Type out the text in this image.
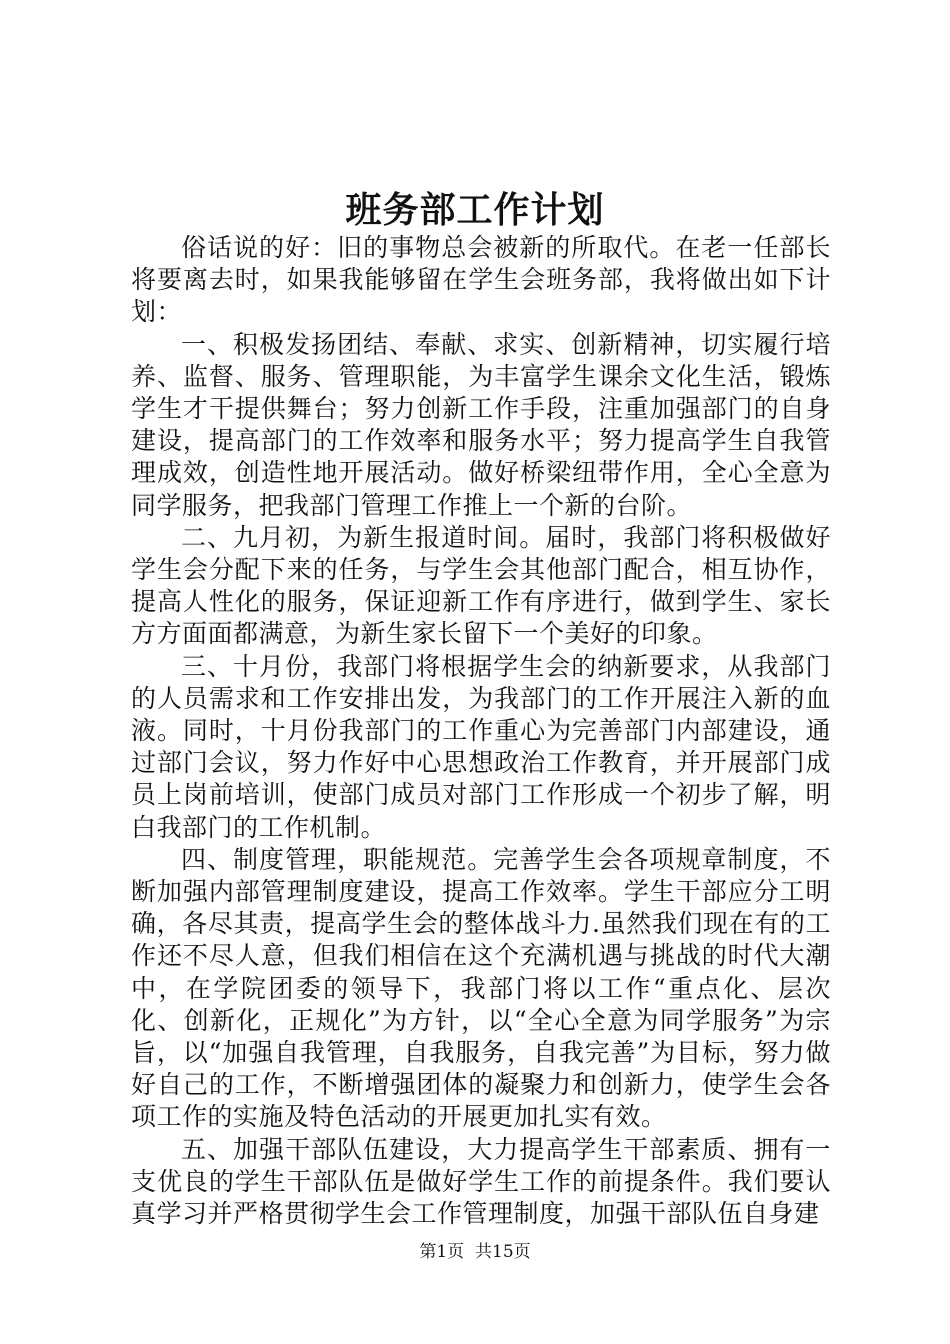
班务部工作计划

俗话说的好：旧的事物总会被新的所取代。在老一任部长将要离去时，如果我能够留在学生会班务部，我将做出如下计划：

一、积极发扬团结、奉献、求实、创新精神，切实履行培养、监督、服务、管理职能，为丰富学生课余文化生活，锻炼学生才干提供舞台；努力创新工作手段，注重加强部门的自身建设，提高部门的工作效率和服务水平；努力提高学生自我管理成效，创造性地开展活动。做好桥梁纽带作用，全心全意为同学服务，把我部门管理工作推上一个新的台阶。

二、九月初，为新生报道时间。届时，我部门将积极做好学生会分配下来的任务，与学生会其他部门配合，相互协作，提高人性化的服务，保证迎新工作有序进行，做到学生、家长方方面面都满意，为新生家长留下一个美好的印象。

三、十月份，我部门将根据学生会的纳新要求，从我部门的人员需求和工作安排出发，为我部门的工作开展注入新的血液。同时，十月份我部门的工作重心为完善部门内部建设，通过部门会议，努力作好中心思想政治工作教育，并开展部门成员上岗前培训，使部门成员对部门工作形成一个初步了解，明白我部门的工作机制。

四、制度管理，职能规范。完善学生会各项规章制度，不断加强内部管理制度建设，提高工作效率。学生干部应分工明确，各尽其责，提高学生会的整体战斗力.虽然我们现在有的工作还不尽人意，但我们相信在这个充满机遇与挑战的时代大潮中，在学院团委的领导下，我部门将以工作“重点化、层次化、创新化，正规化”为方针，以“全心全意为同学服务”为宗旨，以“加强自我管理，自我服务，自我完善”为目标，努力做好自己的工作，不断增强团体的凝聚力和创新力，使学生会各项工作的实施及特色活动的开展更加扎实有效。

五、加强干部队伍建设，大力提高学生干部素质、拥有一支优良的学生干部队伍是做好学生工作的前提条件。我们要认真学习并严格贯彻学生会工作管理制度，加强干部队伍自身建

第1页 共15页
